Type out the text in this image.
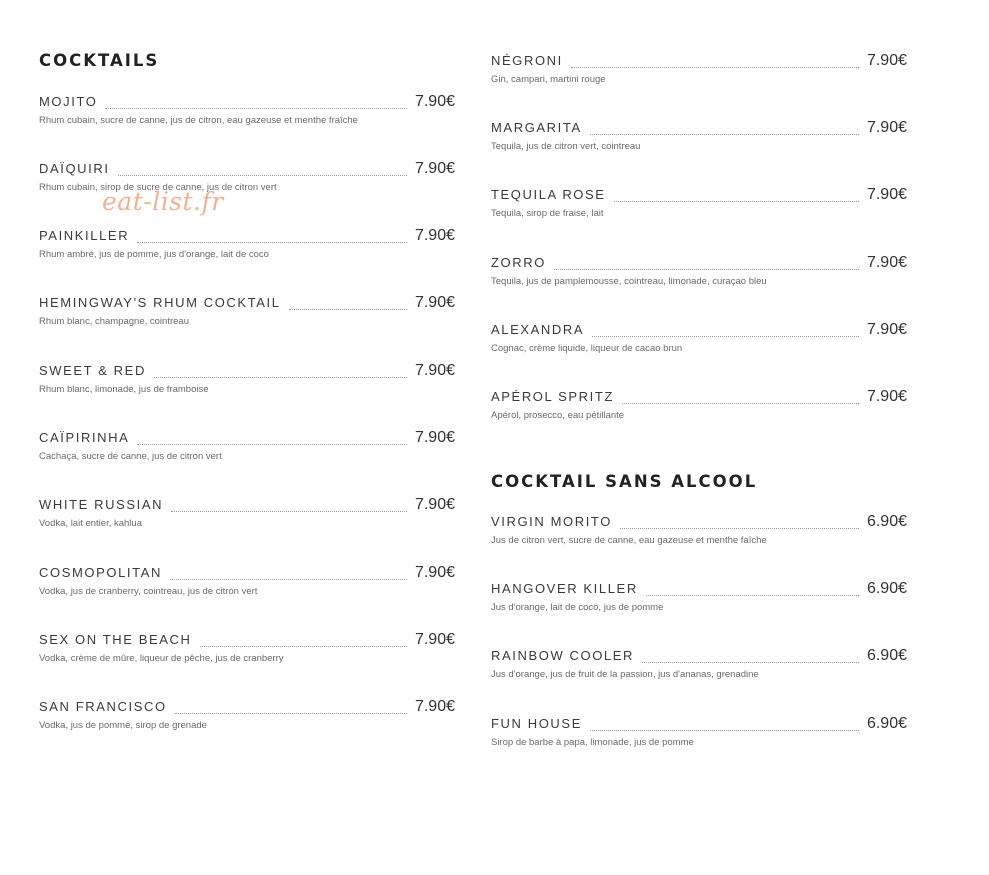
COCKTAILS
MOJITO	7.90€
Rhum cubain, sucre de canne, jus de citron, eau gazeuse et menthe fraîche
DAÏQUIRI	7.90€
Rhum cubain, sirop de sucre de canne, jus de citron vert
PAINKILLER	7.90€
Rhum ambré, jus de pomme, jus d'orange, lait de coco
HEMINGWAY'S RHUM COCKTAIL	7.90€
Rhum blanc, champagne, cointreau
SWEET & RED	7.90€
Rhum blanc, limonade, jus de framboise
CAÏPIRINHA	7.90€
Cachaça, sucre de canne, jus de citron vert
WHITE RUSSIAN	7.90€
Vodka, lait entier, kahlua
COSMOPOLITAN	7.90€
Vodka, jus de cranberry, cointreau, jus de citron vert
SEX ON THE BEACH	7.90€
Vodka, crème de mûre, liqueur de pêche, jus de cranberry
SAN FRANCISCO	7.90€
Vodka, jus de pomme, sirop de grenade
NÉGRONI	7.90€
Gin, campari, martini rouge
MARGARITA	7.90€
Tequila, jus de citron vert, cointreau
TEQUILA ROSE	7.90€
Tequila, sirop de fraise, lait
ZORRO	7.90€
Tequila, jus de pamplemousse, cointreau, limonade, curaçao bleu
ALEXANDRA	7.90€
Cognac, crème liquide, liqueur de cacao brun
APÉROL SPRITZ	7.90€
Apérol, prosecco, eau pétillante
COCKTAIL SANS ALCOOL
VIRGIN MORITO	6.90€
Jus de citron vert, sucre de canne, eau gazeuse et menthe faîche
HANGOVER KILLER	6.90€
Jus d'orange, lait de coco, jus de pomme
RAINBOW COOLER	6.90€
Jus d'orange, jus de fruit de la passion, jus d'ananas, grenadine
FUN HOUSE	6.90€
Sirop de barbe à papa, limonade, jus de pomme
eat-list.fr
